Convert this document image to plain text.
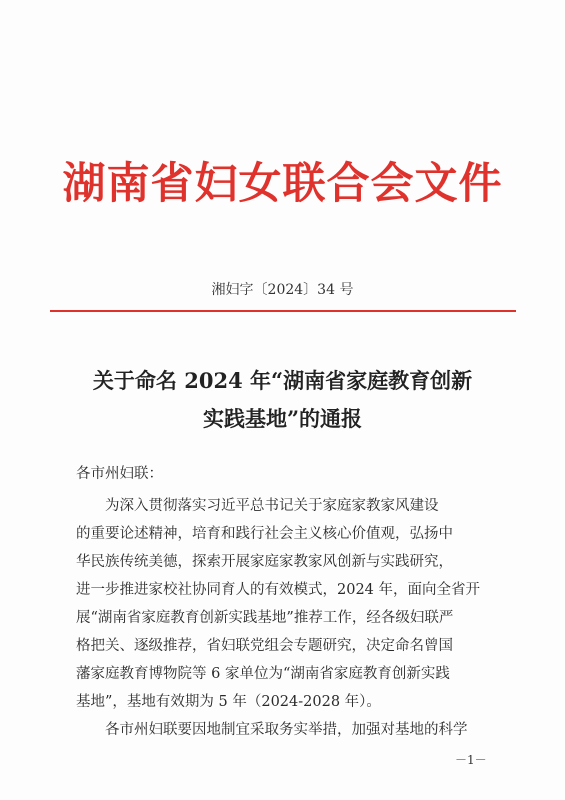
湖南省妇女联合会文件
湘妇字〔2024〕34 号
关于命名 2024 年“湖南省家庭教育创新
实践基地”的通报
各市州妇联：
　　为深入贯彻落实习近平总书记关于家庭家教家风建设
的重要论述精神，培育和践行社会主义核心价值观，弘扬中
华民族传统美德，探索开展家庭家教家风创新与实践研究，
进一步推进家校社协同育人的有效模式，2024 年，面向全省开
展“湖南省家庭教育创新实践基地”推荐工作，经各级妇联严
格把关、逐级推荐，省妇联党组会专题研究，决定命名曾国
藩家庭教育博物院等 6 家单位为“湖南省家庭教育创新实践
基地”，基地有效期为 5 年（2024-2028 年）。
　　各市州妇联要因地制宜采取务实举措，加强对基地的科学
－1－
